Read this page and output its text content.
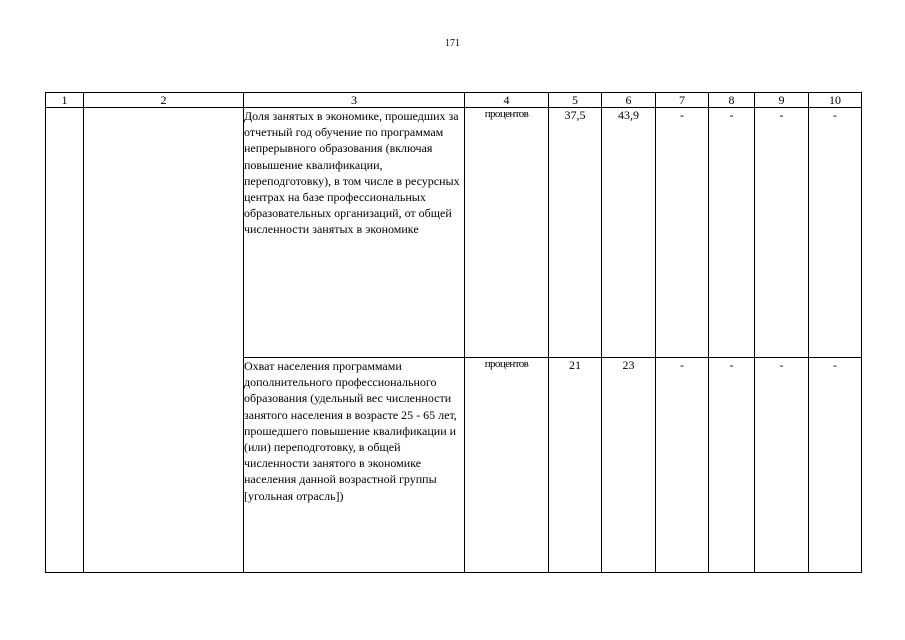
171
1	2	3	4	5	6	7	8	9	10
		Доля занятых в экономике, прошедших за отчетный год обучение по программам непрерывного образования (включая повышение квалификации, переподготовку), в том числе в ресурсных центрах на базе профессиональных образовательных организаций, от общей численности занятых в экономике	процентов	37,5	43,9	-	-	-	-
		Охват населения программами дополнительного профессионального образования (удельный вес численности занятого населения в возрасте 25 - 65 лет, прошедшего повышение квалификации и (или) переподготовку, в общей численности занятого в экономике населения данной возрастной группы [угольная отрасль])	процентов	21	23	-	-	-	-
